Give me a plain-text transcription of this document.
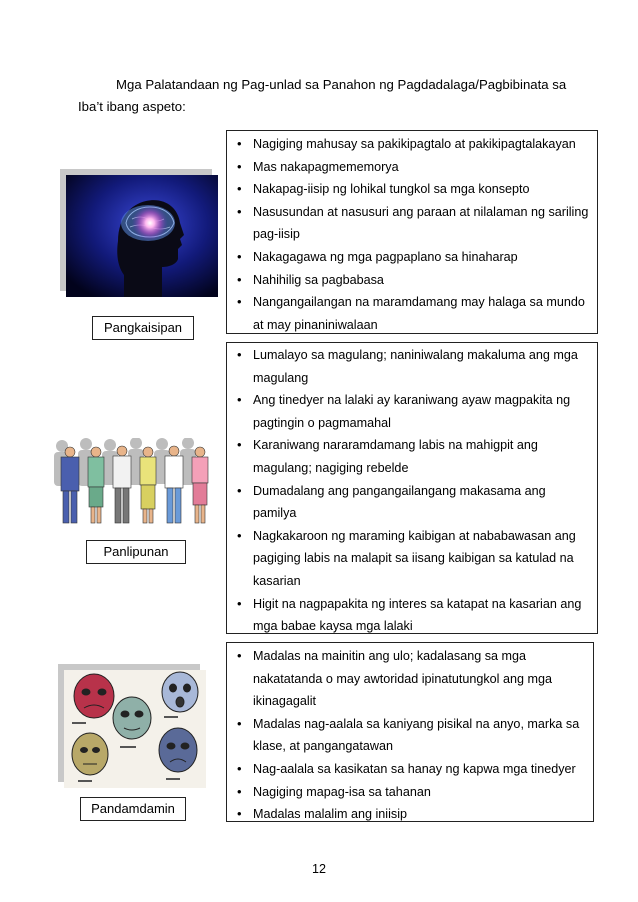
Mga Palatandaan ng Pag-unlad sa Panahon ng Pagdadalaga/Pagbibinata sa
Iba’t ibang aspeto:

Pangkaisipan
• Nagiging mahusay sa pakikipagtalo at pakikipagtalakayan
• Mas nakapagmememorya
• Nakapag-iisip ng lohikal tungkol sa mga konsepto
• Nasusundan at nasusuri ang paraan at nilalaman ng sariling pag-iisip
• Nakagagawa ng mga pagpaplano sa hinaharap
• Nahihilig sa pagbabasa
• Nangangailangan na maramdamang may halaga sa mundo at may pinaniniwalaan
Panlipunan
• Lumalayo sa magulang; naniniwalang makaluma ang mga magulang
• Ang tinedyer na lalaki ay karaniwang ayaw magpakita ng pagtingin o pagmamahal
• Karaniwang nararamdamang labis na mahigpit ang magulang; nagiging rebelde
• Dumadalang ang pangangailangang makasama ang pamilya
• Nagkakaroon ng maraming kaibigan at nababawasan ang pagiging labis na malapit sa iisang kaibigan sa katulad na kasarian
• Higit na nagpapakita ng interes sa katapat na kasarian ang mga babae kaysa mga lalaki
Pandamdamin
• Madalas na mainitin ang ulo; kadalasang sa mga nakatatanda o may awtoridad ipinatutungkol ang mga ikinagagalit
• Madalas nag-aalala sa kaniyang pisikal na anyo, marka sa klase, at pangangatawan
• Nag-aalala sa kasikatan sa hanay ng kapwa mga tinedyer
• Nagiging mapag-isa sa tahanan
• Madalas malalim ang iniisip
12
